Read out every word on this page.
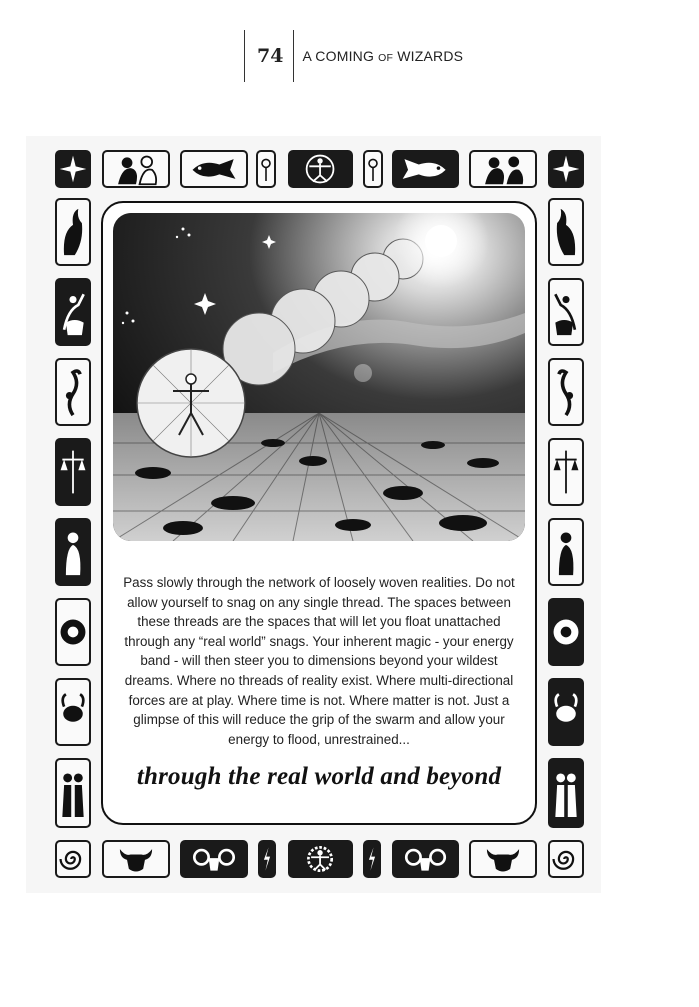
74	A COMING OF WIZARDS
Pass slowly through the network of loosely woven realities. Do not allow yourself to snag on any single thread. The spaces between these threads are the spaces that will let you float unattached through any “real world” snags. Your inherent magic - your energy band - will then steer you to dimensions beyond your wildest dreams. Where no threads of reality exist. Where multi-directional forces are at play. Where time is not. Where matter is not. Just a glimpse of this will reduce the grip of the swarm and allow your energy to flood, unrestrained...
through the real world and beyond
